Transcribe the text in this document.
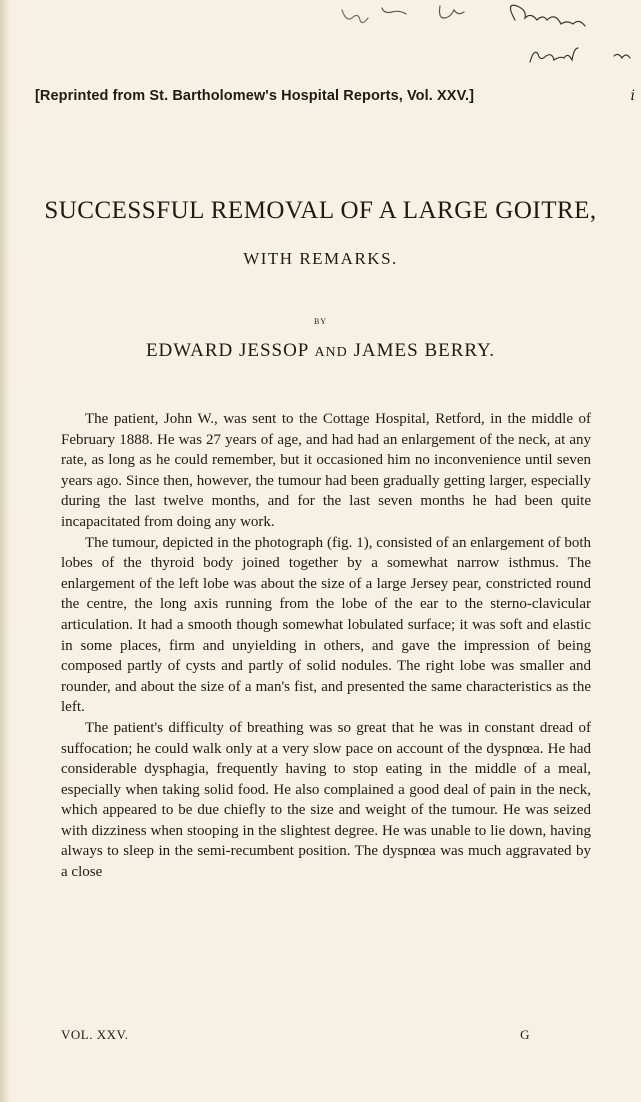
[Reprinted from St. Bartholomew's Hospital Reports, Vol. XXV.]	i
SUCCESSFUL REMOVAL OF A LARGE GOITRE,
WITH REMARKS.
BY
EDWARD JESSOP AND JAMES BERRY.

The patient, John W., was sent to the Cottage Hospital, Retford, in the middle of February 1888. He was 27 years of age, and had had an enlargement of the neck, at any rate, as long as he could remember, but it occasioned him no inconvenience until seven years ago. Since then, however, the tumour had been gradually getting larger, especially during the last twelve months, and for the last seven months he had been quite incapacitated from doing any work.

The tumour, depicted in the photograph (fig. 1), consisted of an enlargement of both lobes of the thyroid body joined together by a somewhat narrow isthmus. The enlargement of the left lobe was about the size of a large Jersey pear, constricted round the centre, the long axis running from the lobe of the ear to the sterno-clavicular articulation. It had a smooth though somewhat lobulated surface; it was soft and elastic in some places, firm and unyielding in others, and gave the impression of being composed partly of cysts and partly of solid nodules. The right lobe was smaller and rounder, and about the size of a man's fist, and presented the same characteristics as the left.

The patient's difficulty of breathing was so great that he was in constant dread of suffocation; he could walk only at a very slow pace on account of the dyspnœa. He had considerable dysphagia, frequently having to stop eating in the middle of a meal, especially when taking solid food. He also complained a good deal of pain in the neck, which appeared to be due chiefly to the size and weight of the tumour. He was seized with dizziness when stooping in the slightest degree. He was unable to lie down, having always to sleep in the semi-recumbent position. The dyspnœa was much aggravated by a close

VOL. XXV.	G
